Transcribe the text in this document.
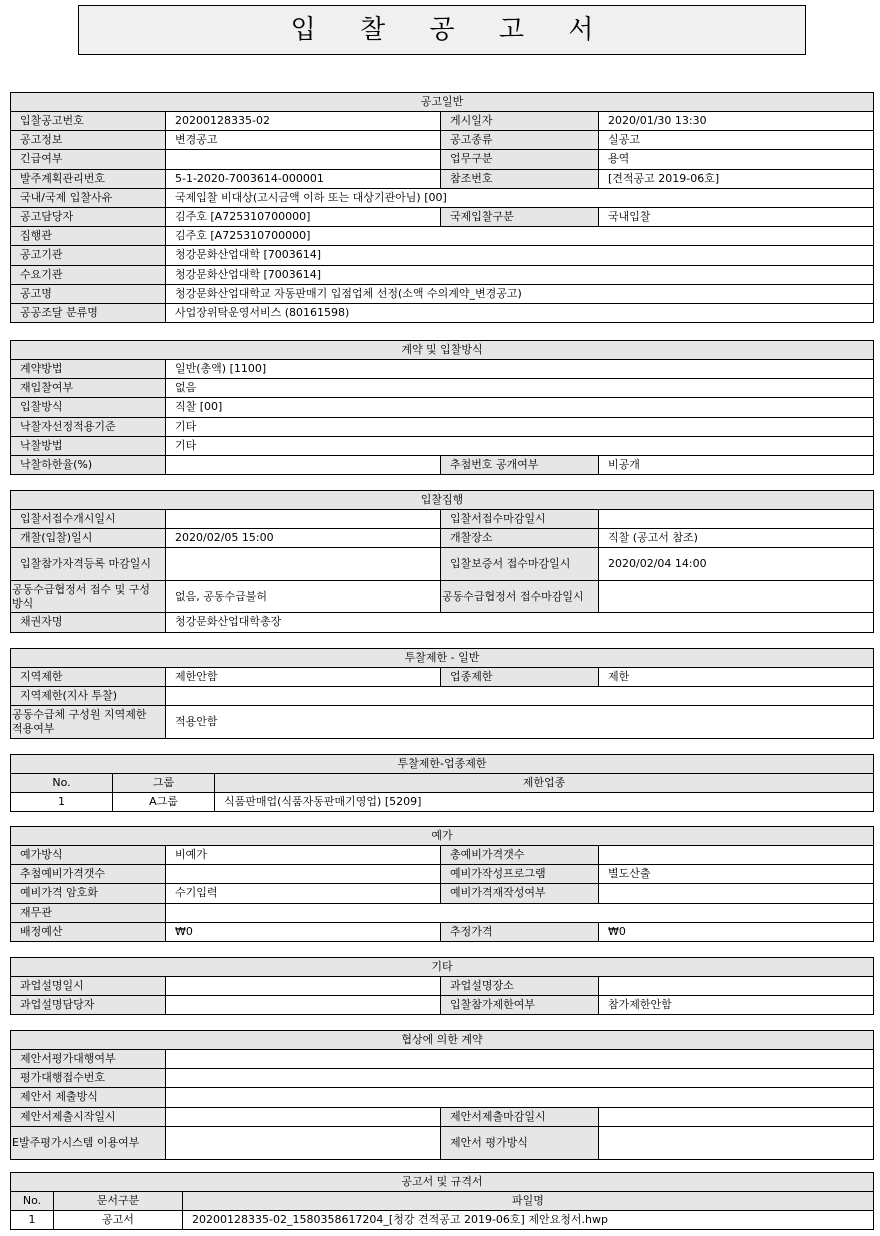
입 찰 공 고 서
공고일반			
입찰공고번호	20200128335-02	게시일자	2020/01/30 13:30
공고정보	변경공고	공고종류	실공고
긴급여부		업무구분	용역
발주계획관리번호	5-1-2020-7003614-000001	참조번호	[견적공고 2019-06호]
국내/국제 입찰사유	국제입찰 비대상(고시금액 이하 또는 대상기관아님) [00]		
공고담당자	김주호 [A725310700000]	국제입찰구분	국내입찰
집행관	김주호 [A725310700000]		
공고기관	청강문화산업대학 [7003614]		
수요기관	청강문화산업대학 [7003614]		
공고명	청강문화산업대학교 자동판매기 입점업체 선정(소액 수의계약_변경공고)		
공공조달 분류명	사업장위탁운영서비스 (80161598)		
계약 및 입찰방식			
계약방법	일반(총액) [1100]		
재입찰여부	없음		
입찰방식	직찰 [00]		
낙찰자선정적용기준	기타		
낙찰방법	기타		
낙찰하한율(%)		추첨번호 공개여부	비공개
입찰집행			
입찰서접수개시일시		입찰서접수마감일시	
개찰(입찰)일시	2020/02/05 15:00	개찰장소	직찰 (공고서 참조)
입찰참가자격등록 마감일시		입찰보증서 접수마감일시	2020/02/04 14:00
공동수급협정서 접수 및 구성방식	없음, 공동수급불허	공동수급협정서 접수마감일시	
채권자명	청강문화산업대학총장		
투찰제한 - 일반			
지역제한	제한안함	업종제한	제한
지역제한(지사 투찰)			
공동수급체 구성원 지역제한 적용여부	적용안함		
투찰제한-업종제한		
No.	그룹	제한업종
1	A그룹	식품판매업(식품자동판매기영업) [5209]
예가			
예가방식	비예가	총예비가격갯수	
추첨예비가격갯수		예비가작성프로그램	별도산출
예비가격 암호화	수기입력	예비가격재작성여부	
재무관			
배정예산	₩0	추정가격	₩0
기타			
과업설명일시		과업설명장소	
과업설명담당자		입찰참가제한여부	참가제한안함
협상에 의한 계약			
제안서평가대행여부			
평가대행접수번호			
제안서 제출방식			
제안서제출시작일시		제안서제출마감일시	
E발주평가시스템 이용여부		제안서 평가방식	
공고서 및 규격서		
No.	문서구분	파일명
1	공고서	20200128335-02_1580358617204_[청강 견적공고 2019-06호] 제안요청서.hwp
